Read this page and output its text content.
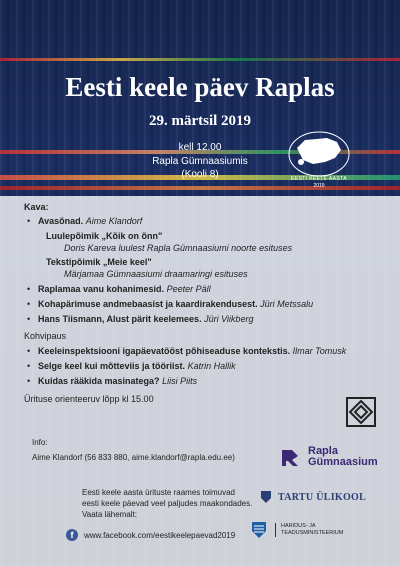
Eesti keele päev Raplas
29. märtsil 2019
kell 12.00
Rapla Gümnaasiumis
(Kooli 8)	EESTI KEELE AASTA
2019
Kava:
• Avasõnad. Aime Klandorf
Luulepõimik „Kõik on õnn"
Doris Kareva luulest Rapla Gümnaasiumi noorte esituses
Tekstipõimik „Meie keel"
Märjamaa Gümnaasiumi draamaringi esituses
• Raplamaa vanu kohanimesid. Peeter Päll
• Kohapärimuse andmebaasist ja kaardirakendusest. Jüri Metssalu
• Hans Tiismann, Alust pärit keelemees. Jüri Viikberg
Kohvipaus
• Keeleinspektsiooni igapäevatööst põhiseaduse kontekstis. Ilmar Tomusk
• Selge keel kui mõtteviis ja tööriist. Katrin Hallik
• Kuidas rääkida masinatega? Liisi Piits
Ürituse orienteeruv lõpp kl 15.00
Info:
Aime Klandorf (56 833 880, aime.klandorf@rapla.edu.ee)
Rapla
Gümnaasium
Eesti keele aasta ürituste raames toimuvad
eesti keele päevad veel paljudes maakondades.
Vaata lähemalt:
f	www.facebook.com/eestikeelepaevad2019
TARTU ÜLIKOOL
HARIDUS- JA
TEADUSMINISTEERIUM
